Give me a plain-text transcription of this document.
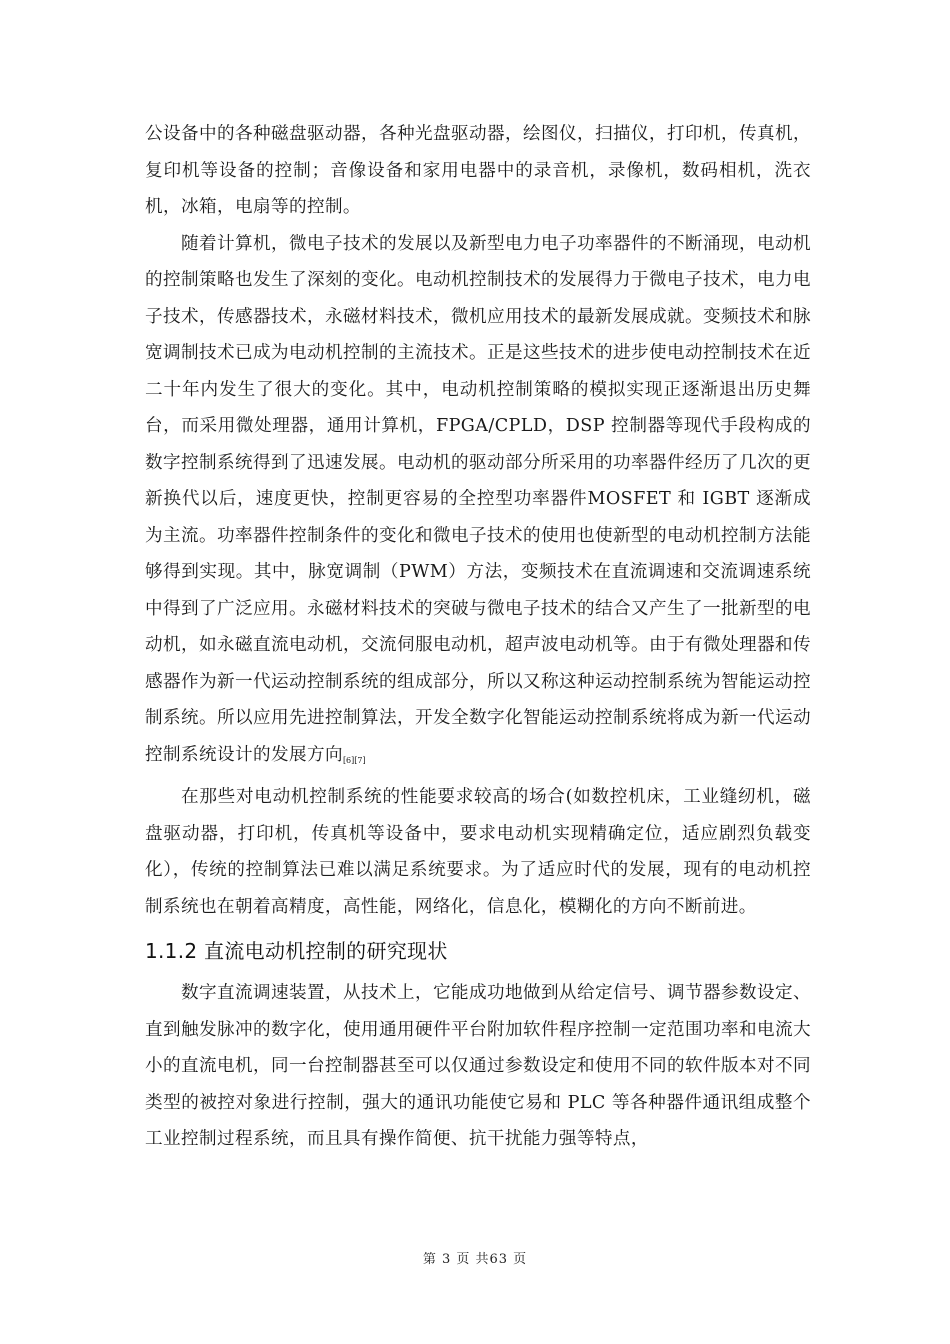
公设备中的各种磁盘驱动器，各种光盘驱动器，绘图仪，扫描仪，打印机，传真机，复印机等设备的控制；音像设备和家用电器中的录音机，录像机，数码相机，洗衣机，冰箱，电扇等的控制。

随着计算机，微电子技术的发展以及新型电力电子功率器件的不断涌现，电动机的控制策略也发生了深刻的变化。电动机控制技术的发展得力于微电子技术，电力电子技术，传感器技术，永磁材料技术，微机应用技术的最新发展成就。变频技术和脉宽调制技术已成为电动机控制的主流技术。正是这些技术的进步使电动控制技术在近二十年内发生了很大的变化。其中，电动机控制策略的模拟实现正逐渐退出历史舞台，而采用微处理器，通用计算机，FPGA/CPLD，DSP 控制器等现代手段构成的数字控制系统得到了迅速发展。电动机的驱动部分所采用的功率器件经历了几次的更新换代以后，速度更快，控制更容易的全控型功率器件MOSFET 和 IGBT 逐渐成为主流。功率器件控制条件的变化和微电子技术的使用也使新型的电动机控制方法能够得到实现。其中，脉宽调制（PWM）方法，变频技术在直流调速和交流调速系统中得到了广泛应用。永磁材料技术的突破与微电子技术的结合又产生了一批新型的电动机，如永磁直流电动机，交流伺服电动机，超声波电动机等。由于有微处理器和传感器作为新一代运动控制系统的组成部分，所以又称这种运动控制系统为智能运动控制系统。所以应用先进控制算法，开发全数字化智能运动控制系统将成为新一代运动控制系统设计的发展方向[6][7]

在那些对电动机控制系统的性能要求较高的场合(如数控机床，工业缝纫机，磁盘驱动器，打印机，传真机等设备中，要求电动机实现精确定位，适应剧烈负载变化），传统的控制算法已难以满足系统要求。为了适应时代的发展，现有的电动机控制系统也在朝着高精度，高性能，网络化，信息化，模糊化的方向不断前进。

1.1.2 直流电动机控制的研究现状

数字直流调速装置，从技术上，它能成功地做到从给定信号、调节器参数设定、直到触发脉冲的数字化，使用通用硬件平台附加软件程序控制一定范围功率和电流大小的直流电机，同一台控制器甚至可以仅通过参数设定和使用不同的软件版本对不同类型的被控对象进行控制，强大的通讯功能使它易和 PLC 等各种器件通讯组成整个工业控制过程系统，而且具有操作简便、抗干扰能力强等特点，

第 3 页 共63 页
